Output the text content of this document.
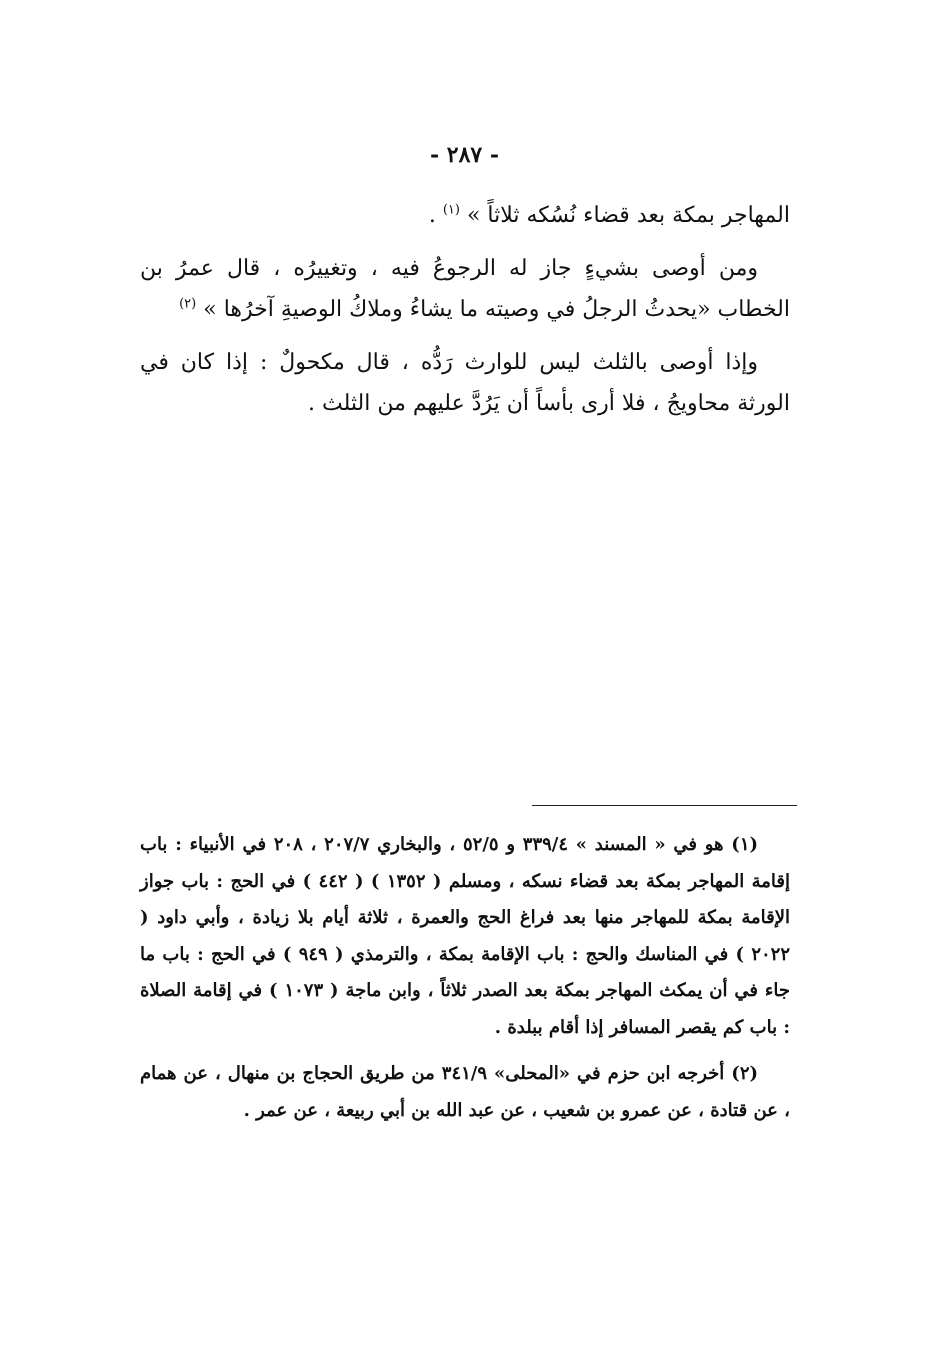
- ٢٨٧ -

المهاجر بمكة بعد قضاء نُسُكه ثلاثاً » $^{(١)}$ .

ومن أوصى بشيءٍ جاز له الرجوعُ فيه ، وتغييرُه ، قال عمرُ بن الخطاب «يحدثُ الرجلُ في وصيته ما يشاءُ وملاكُ الوصيةِ آخرُها » $^{(٢)}$

وإذا أوصى بالثلث ليس للوارث رَدُّه ، قال مكحولٌ : إذا كان في الورثة محاويجُ ، فلا أرى بأساً أن يَرُدَّ عليهم من الثلث .

(١) هو في « المسند » ٣٣٩/٤ و ٥٢/٥ ، والبخاري ٢٠٧/٧ ، ٢٠٨ في الأنبياء : باب إقامة المهاجر بمكة بعد قضاء نسكه ، ومسلم ( ١٣٥٢ ) ( ٤٤٢ ) في الحج : باب جواز الإقامة بمكة للمهاجر منها بعد فراغ الحج والعمرة ، ثلاثة أيام بلا زيادة ، وأبي داود ( ٢٠٢٢ ) في المناسك والحج : باب الإقامة بمكة ، والترمذي ( ٩٤٩ ) في الحج : باب ما جاء في أن يمكث المهاجر بمكة بعد الصدر ثلاثاً ، وابن ماجة ( ١٠٧٣ ) في إقامة الصلاة : باب كم يقصر المسافر إذا أقام ببلدة .

(٢) أخرجه ابن حزم في «المحلى» ٣٤١/٩ من طريق الحجاج بن منهال ، عن همام ، عن قتادة ، عن عمرو بن شعيب ، عن عبد الله بن أبي ربيعة ، عن عمر .
